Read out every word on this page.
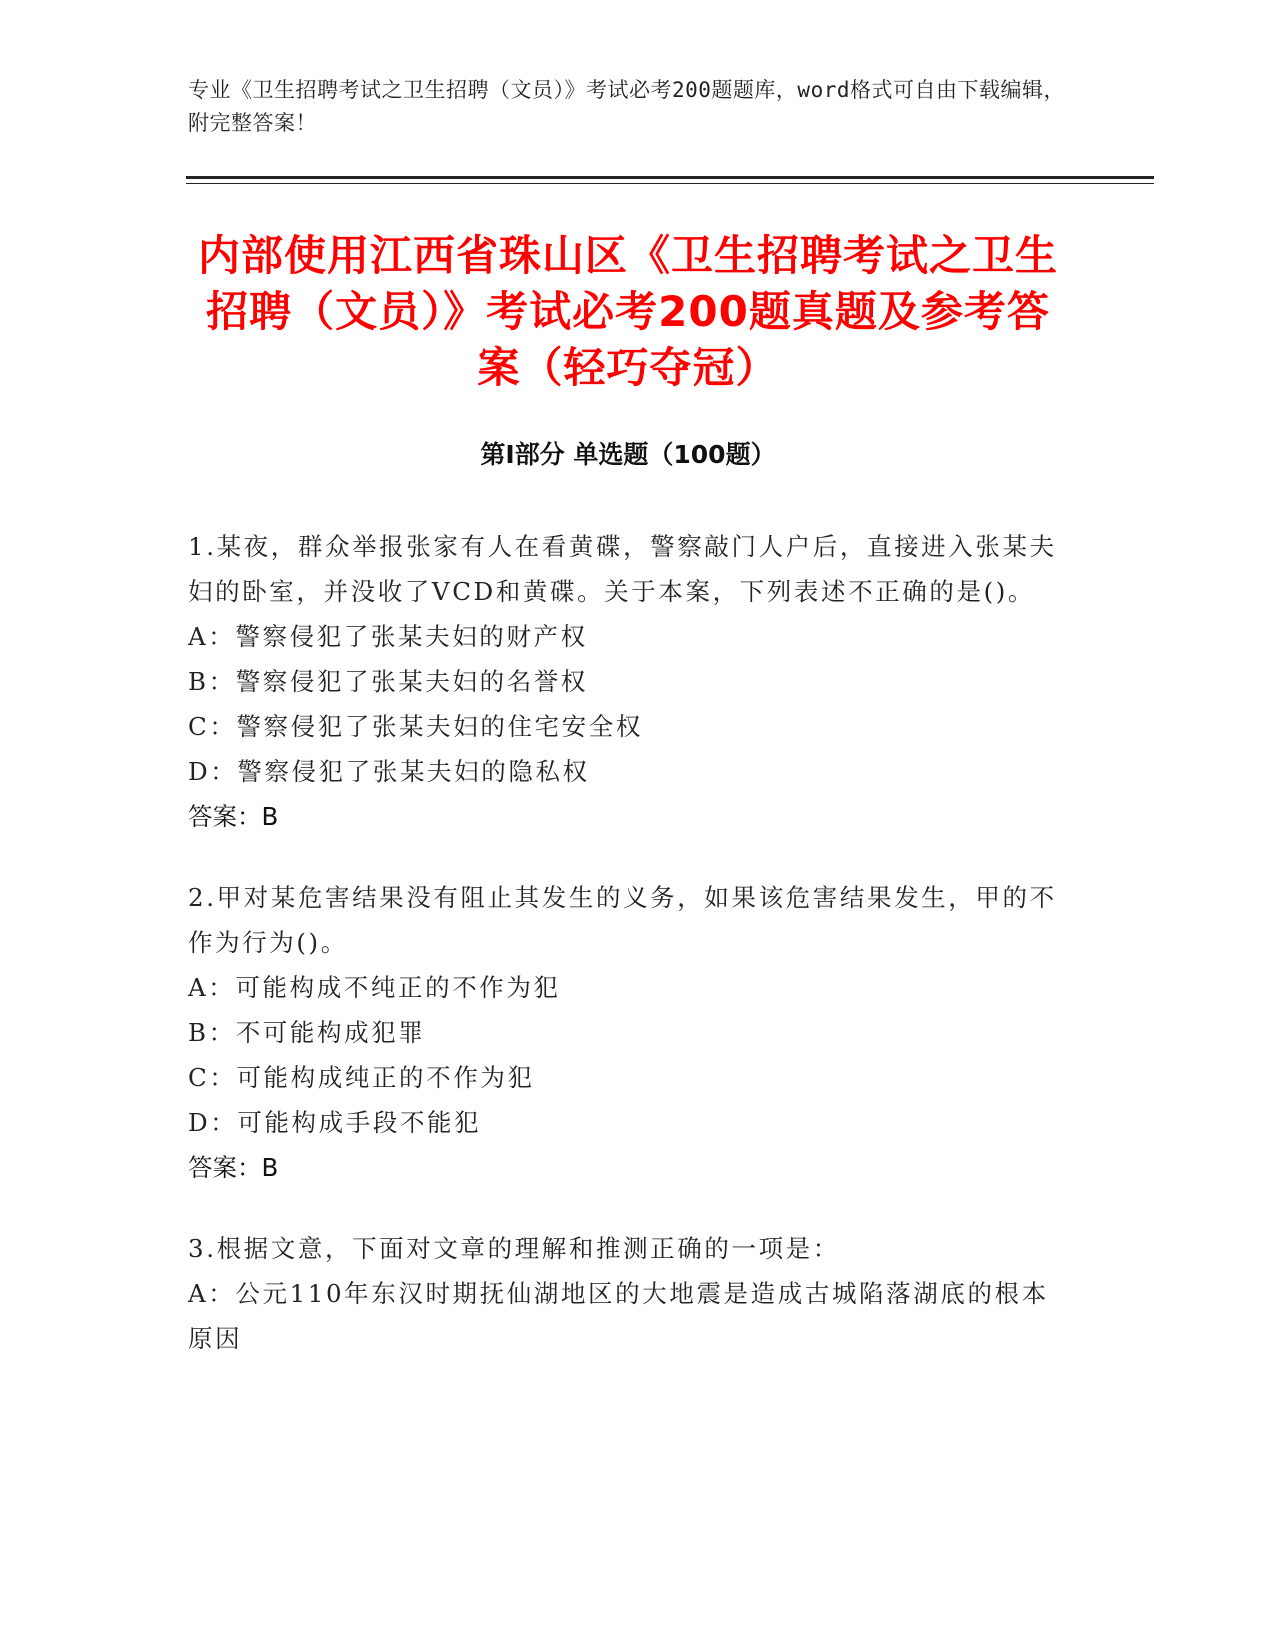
专业《卫生招聘考试之卫生招聘（文员）》考试必考200题题库，word格式可自由下载编辑，附完整答案！
内部使用江西省珠山区《卫生招聘考试之卫生招聘（文员）》考试必考200题真题及参考答案（轻巧夺冠）
第Ⅰ部分 单选题（100题）

1.某夜，群众举报张家有人在看黄碟，警察敲门人户后，直接进入张某夫妇的卧室，并没收了VCD和黄碟。关于本案，下列表述不正确的是()。

A：警察侵犯了张某夫妇的财产权

B：警察侵犯了张某夫妇的名誉权

C：警察侵犯了张某夫妇的住宅安全权

D：警察侵犯了张某夫妇的隐私权

答案：B

2.甲对某危害结果没有阻止其发生的义务，如果该危害结果发生，甲的不作为行为()。

A：可能构成不纯正的不作为犯

B：不可能构成犯罪

C：可能构成纯正的不作为犯

D：可能构成手段不能犯

答案：B

3.根据文意，下面对文章的理解和推测正确的一项是：

A：公元110年东汉时期抚仙湖地区的大地震是造成古城陷落湖底的根本原因
